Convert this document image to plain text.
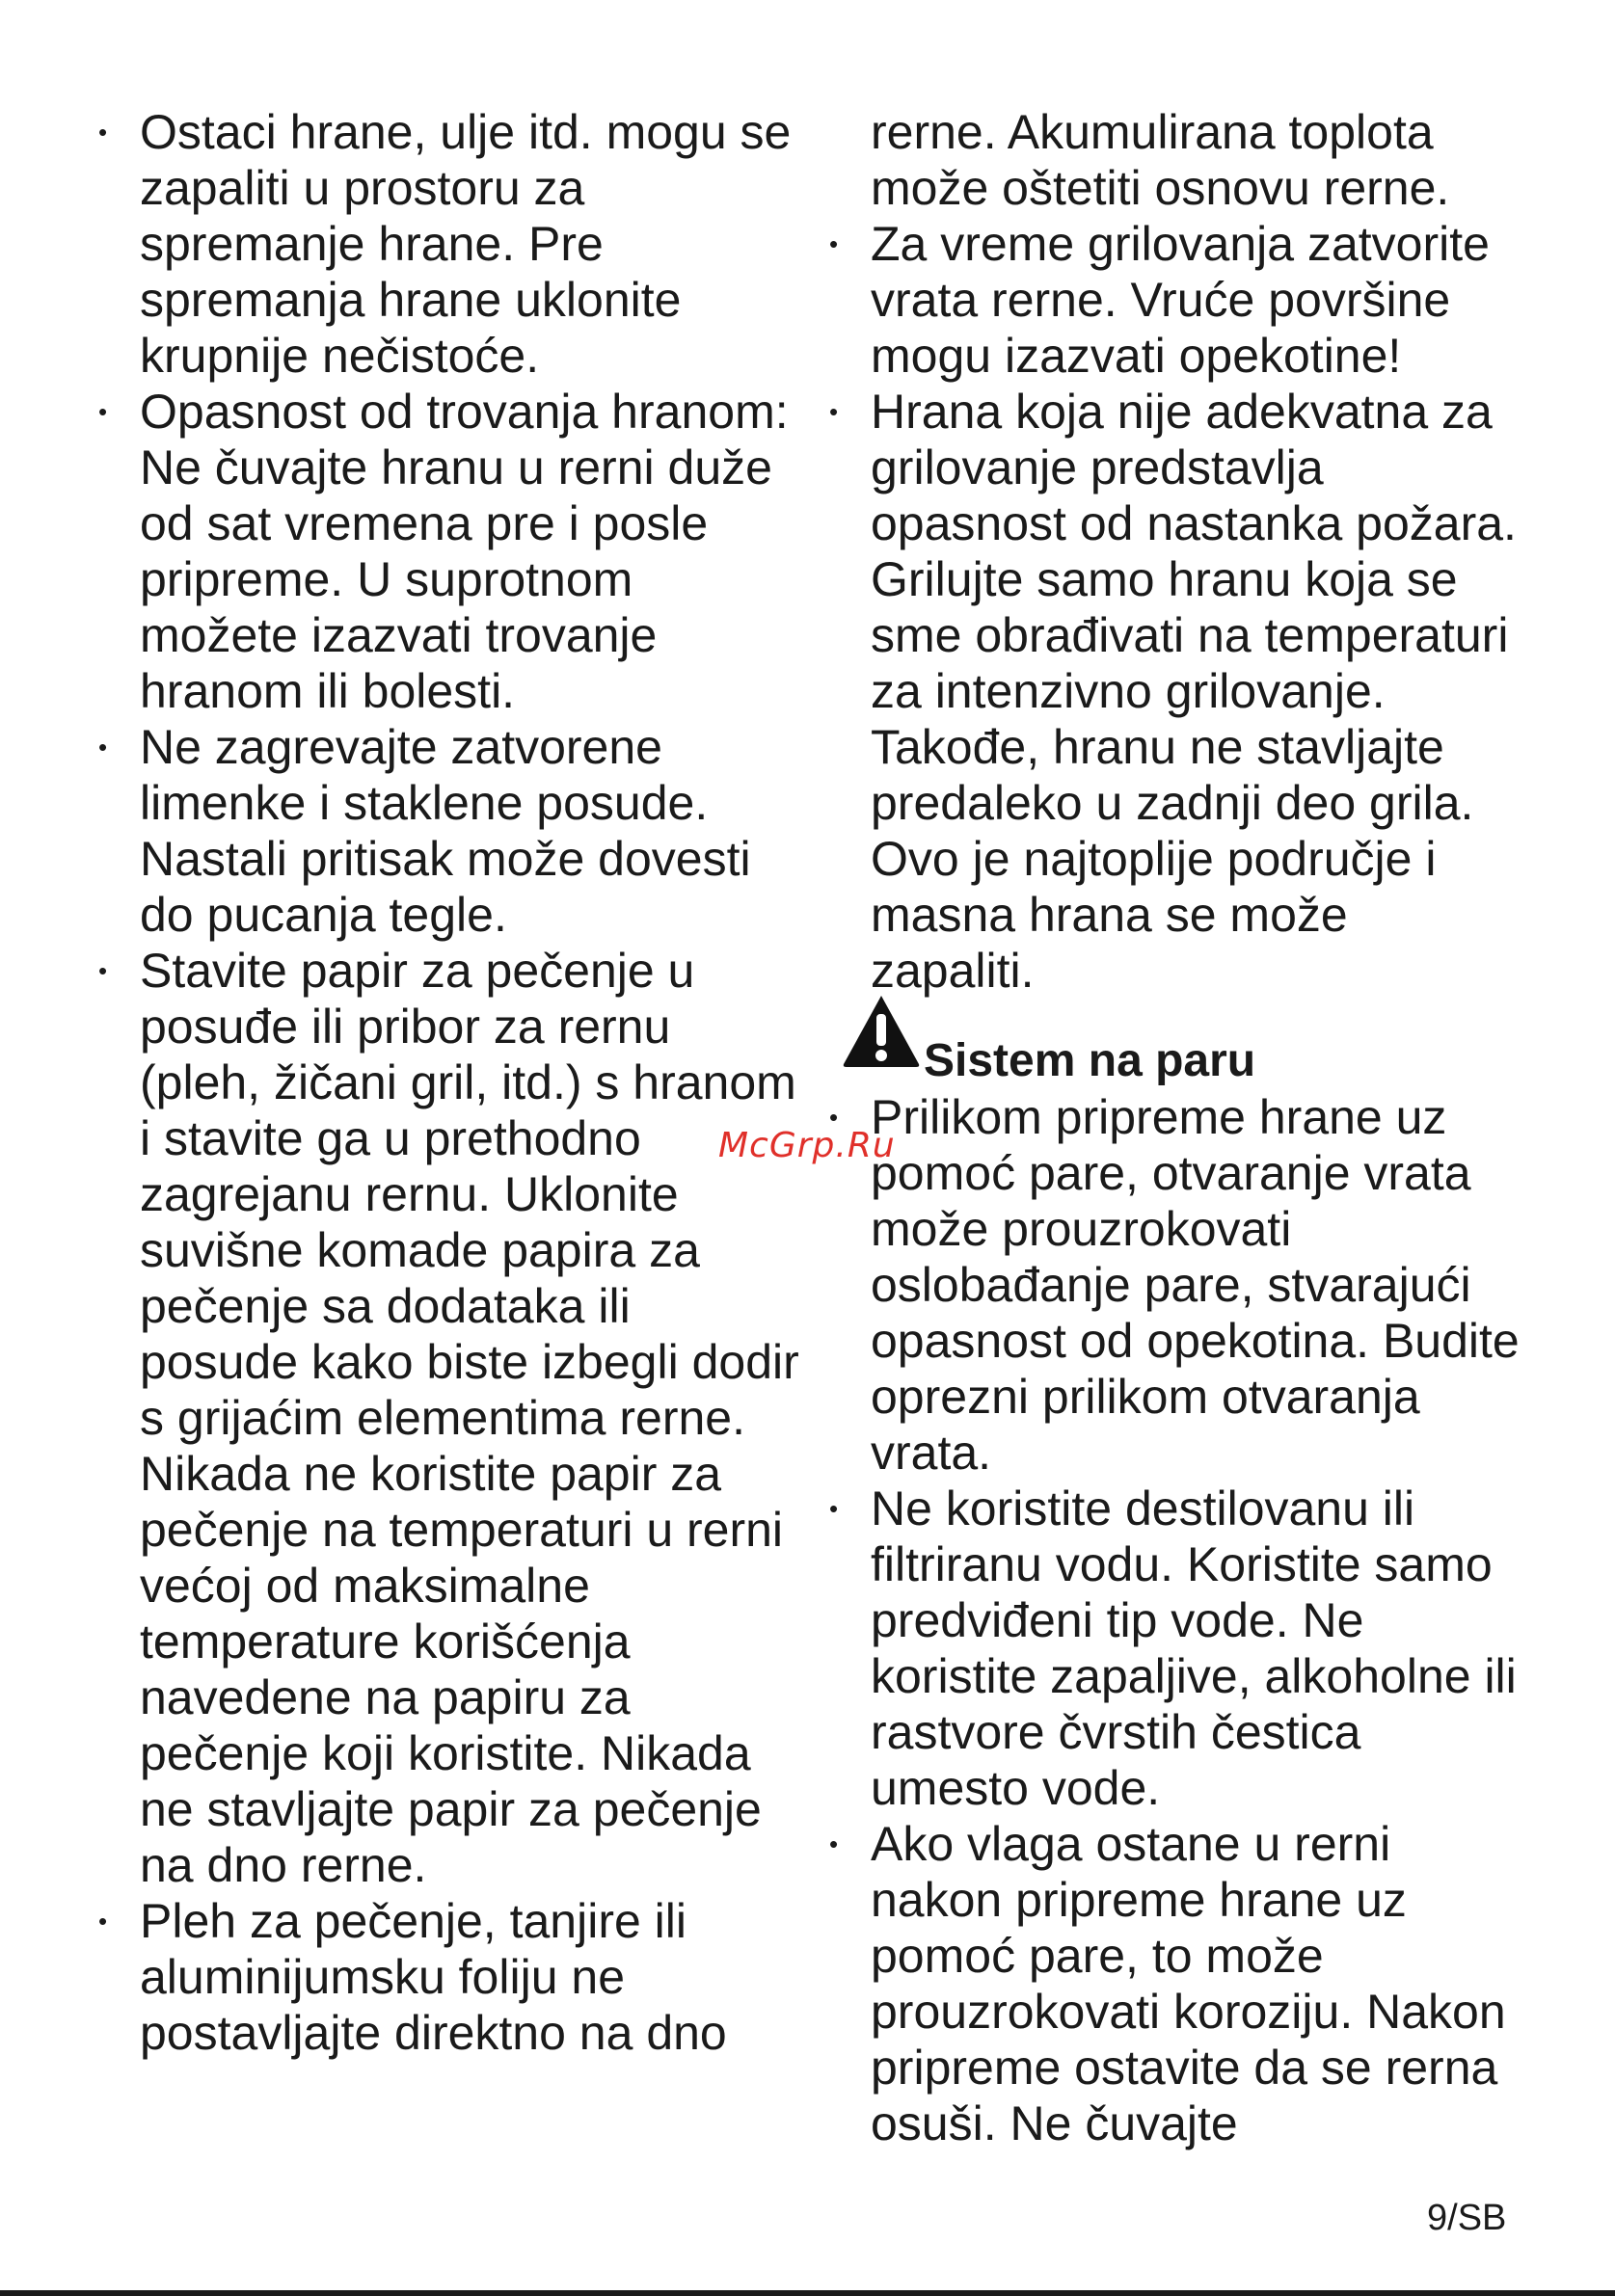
• Ostaci hrane, ulje itd. mogu se zapaliti u prostoru za spremanje hrane. Pre spremanja hrane uklonite krupnije nečistoće.
• Opasnost od trovanja hranom: Ne čuvajte hranu u rerni duže od sat vremena pre i posle pripreme. U suprotnom možete izazvati trovanje hranom ili bolesti.
• Ne zagrevajte zatvorene limenke i staklene posude. Nastali pritisak može dovesti do pucanja tegle.
• Stavite papir za pečenje u posuđe ili pribor za rernu (pleh, žičani gril, itd.) s hranom i stavite ga u prethodno zagrejanu rernu. Uklonite suvišne komade papira za pečenje sa dodataka ili posude kako biste izbegli dodir s grijaćim elementima rerne. Nikada ne koristite papir za pečenje na temperaturi u rerni većoj od maksimalne temperature korišćenja navedene na papiru za pečenje koji koristite. Nikada ne stavljajte papir za pečenje na dno rerne.
• Pleh za pečenje, tanjire ili aluminijumsku foliju ne postavljajte direktno na dno
rerne. Akumulirana toplota može oštetiti osnovu rerne.
• Za vreme grilovanja zatvorite vrata rerne. Vruće površine mogu izazvati opekotine!
• Hrana koja nije adekvatna za grilovanje predstavlja opasnost od nastanka požara. Grilujte samo hranu koja se sme obrađivati na temperaturi za intenzivno grilovanje. Takođe, hranu ne stavljajte predaleko u zadnji deo grila. Ovo je najtoplije područje i masna hrana se može zapaliti.
Sistem na paru
• Prilikom pripreme hrane uz pomoć pare, otvaranje vrata može prouzrokovati oslobađanje pare, stvarajući opasnost od opekotina. Budite oprezni prilikom otvaranja vrata.
• Ne koristite destilovanu ili filtriranu vodu. Koristite samo predviđeni tip vode. Ne koristite zapaljive, alkoholne ili rastvore čvrstih čestica umesto vode.
• Ako vlaga ostane u rerni nakon pripreme hrane uz pomoć pare, to može prouzrokovati koroziju. Nakon pripreme ostavite da se rerna osuši. Ne čuvajte
McGrp.Ru
9/SB
